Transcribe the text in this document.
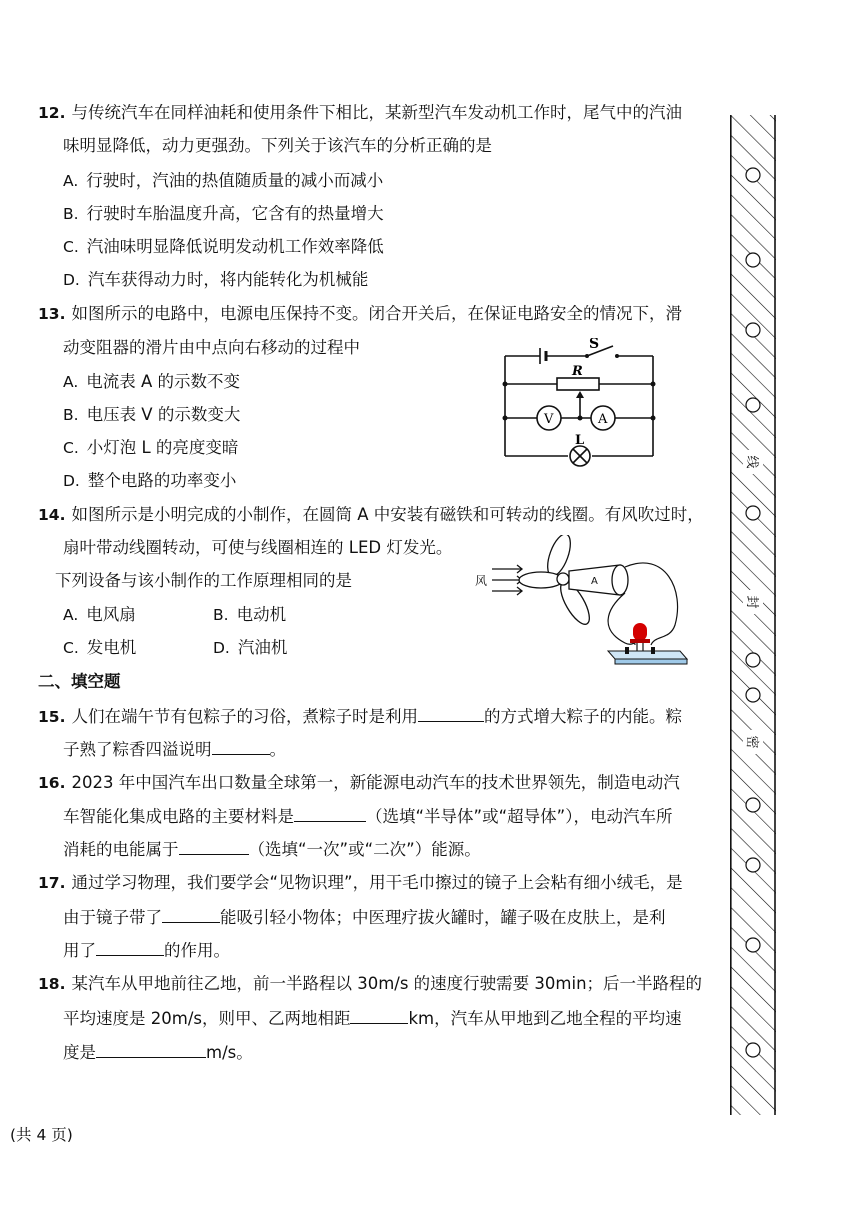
12. 与传统汽车在同样油耗和使用条件下相比，某新型汽车发动机工作时，尾气中的汽油
味明显降低，动力更强劲。下列关于该汽车的分析正确的是
A. 行驶时，汽油的热值随质量的减小而减小
B. 行驶时车胎温度升高，它含有的热量增大
C. 汽油味明显降低说明发动机工作效率降低
D. 汽车获得动力时，将内能转化为机械能
13. 如图所示的电路中，电源电压保持不变。闭合开关后，在保证电路安全的情况下，滑
动变阻器的滑片由中点向右移动的过程中
A. 电流表 A 的示数不变
B. 电压表 V 的示数变大
C. 小灯泡 L 的亮度变暗
D. 整个电路的功率变小
S
R
V	A
L
14. 如图所示是小明完成的小制作，在圆筒 A 中安装有磁铁和可转动的线圈。有风吹过时，
扇叶带动线圈转动，可使与线圈相连的 LED 灯发光。
下列设备与该小制作的工作原理相同的是
A. 电风扇	B. 电动机
C. 发电机	D. 汽油机
风	A
二、填空题
15. 人们在端午节有包粽子的习俗，煮粽子时是利用	的方式增大粽子的内能。粽
子熟了粽香四溢说明	。
16. 2023 年中国汽车出口数量全球第一，新能源电动汽车的技术世界领先，制造电动汽
车智能化集成电路的主要材料是	（选填“半导体”或“超导体”），电动汽车所
消耗的电能属于	（选填“一次”或“二次”）能源。
17. 通过学习物理，我们要学会“见物识理”，用干毛巾擦过的镜子上会粘有细小绒毛，是
由于镜子带了	能吸引轻小物体；中医理疗拔火罐时，罐子吸在皮肤上，是利
用了	的作用。
18. 某汽车从甲地前往乙地，前一半路程以 30m/s 的速度行驶需要 30min；后一半路程的
平均速度是 20m/s，则甲、乙两地相距	km，汽车从甲地到乙地全程的平均速
度是	m/s。
(共 4 页)
线
封
密
